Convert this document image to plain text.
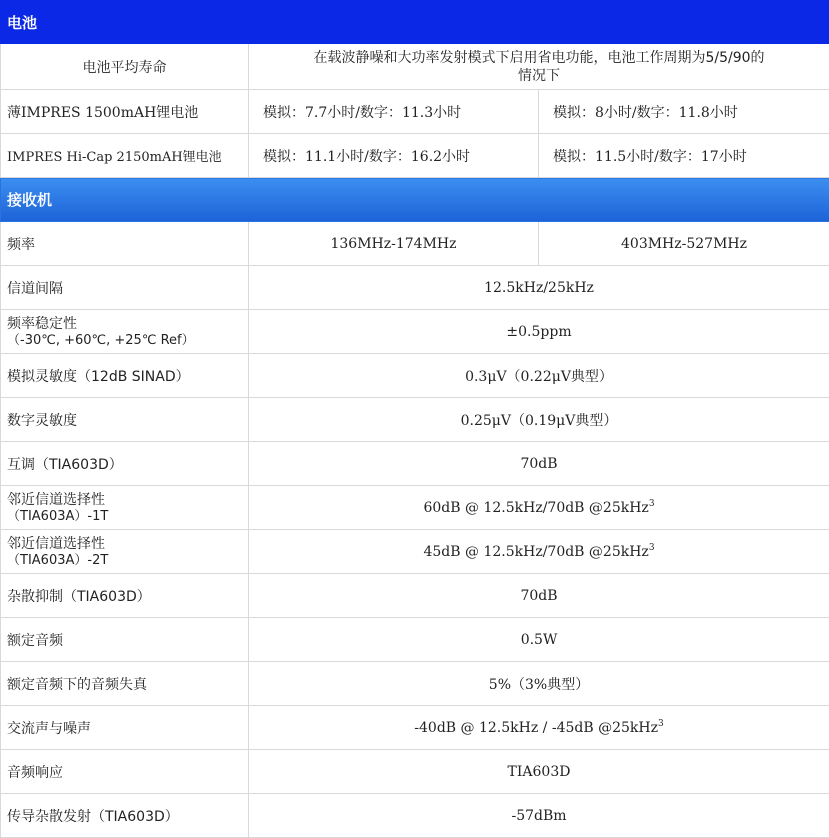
电池		
电池平均寿命	在载波静噪和大功率发射模式下启用省电功能，电池工作周期为5/5/90的
情况下	

薄IMPRES 1500mAH锂电池	模拟：7.7小时/数字：11.3小时	模拟：8小时/数字：11.8小时
IMPRES Hi-Cap 2150mAH锂电池	模拟：11.1小时/数字：16.2小时	模拟：11.5小时/数字：17小时
接收机		
频率	136MHz-174MHz	403MHz-527MHz
信道间隔	12.5kHz/25kHz	

频率稳定性
（-30℃, +60℃, +25℃ Ref）	±0.5ppm	
模拟灵敏度（12dB SINAD）	0.3μV（0.22μV典型）	
数字灵敏度	0.25μV（0.19μV典型）	
互调（TIA603D）	70dB	

邻近信道选择性
（TIA603A）-1T	60dB @ 12.5kHz/70dB @25kHz$^3$

邻近信道选择性
（TIA603A）-2T	45dB @ 12.5kHz/70dB @25kHz$^3$
杂散抑制（TIA603D）	70dB	
额定音频	0.5W	
额定音频下的音频失真	5%（3%典型）	
交流声与噪声	-40dB @ 12.5kHz / -45dB @25kHz$^3$
音频响应	TIA603D	
传导杂散发射（TIA603D）	-57dBm	
